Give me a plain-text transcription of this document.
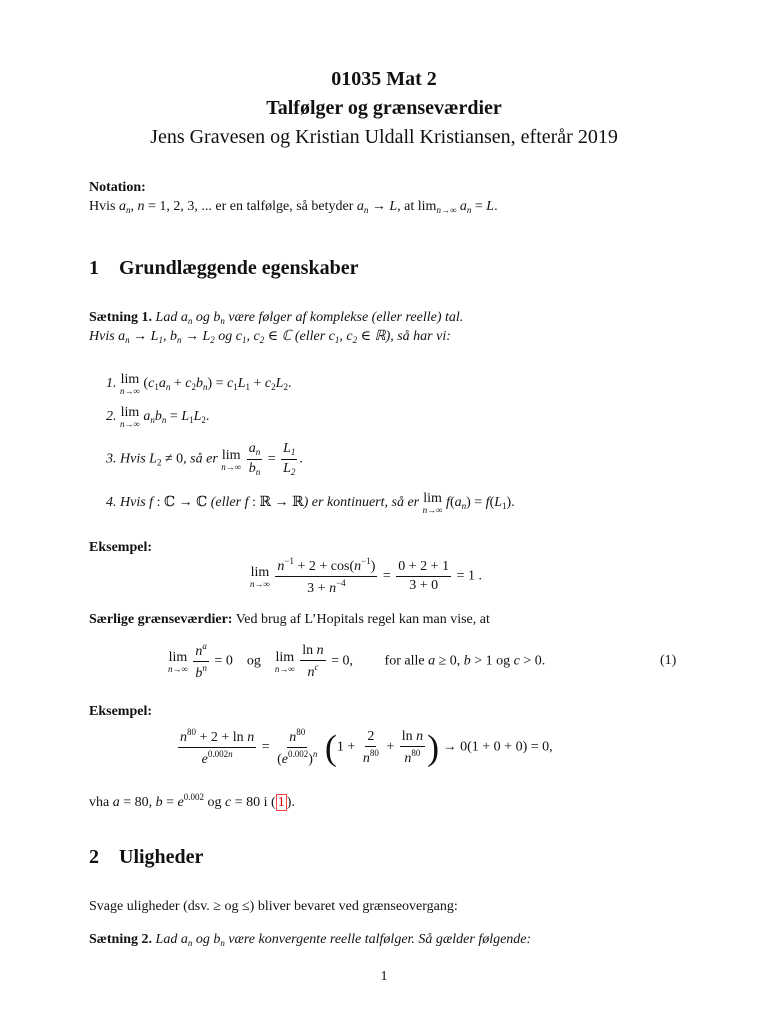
01035 Mat 2
Talfølger og grænseværdier
Jens Gravesen og Kristian Uldall Kristiansen, efterår 2019
Notation:
Hvis $a_n$, n = 1, 2, 3, ... er en talfølge, så betyder $a_n \to L$, at $\lim_{n\to\infty} a_n = L$.
1 Grundlæggende egenskaber
Sætning 1. Lad $a_n$ og $b_n$ være følger af komplekse (eller reelle) tal.
Hvis $a_n \to L_1$, $b_n \to L_2$ og $c_1$, $c_2$ ∈ ℂ (eller $c_1$, $c_2$ ∈ ℝ), så har vi:
1. lim
n→∞ $(c_1a_n + c_2b_n) = c_1L_1 + c_2L_2$.
2. lim
n→∞ $a_nb_n = L_1L_2$.
3. Hvis $L_2 \ne 0$, så er lim
n→∞
$\frac{a_n}{b_n} = \frac{L_1}{L_2}$ .
4. Hvis f : ℂ → ℂ (eller f : ℝ → ℝ) er kontinuert, så er lim
n→∞ $f(a_n) = f(L_1)$.
Eksempel:
lim
n→∞
$\frac{n^{-1} + 2 + \cos(n^{-1})}{3 + n^{-4}} = \frac{0 + 2 + 1}{3 + 0} = 1$ .
Særlige grænseværdier: Ved brug af L’Hopitals regel kan man vise, at
lim
n→∞
$\frac{n^a}{b^n} = 0$    og lim
n→∞
$\frac{\text{ln n}}{n^c} = 0$,         for alle a ≥ 0, b > 1 og c > 0.	(1)
Eksempel:
$\frac{n^{80} + 2 + \ln n}{e^{0.002n}} = \frac{n^{80}}{(e^{0.002})^n} (1 + \frac{2}{n^{80}} + \frac{\text{ln n}}{n^{80}}$ ) → 0(1 + 0 + 0) = 0,
vha a = 80, $b = e^{0.002}$ og c = 80 i ( 1 ).
2 Uligheder
Svage uligheder (dsv. ≥ og ≤) bliver bevaret ved grænseovergang:
Sætning 2. Lad $a_n$ og $b_n$ være konvergente reelle talfølger. Så gælder følgende:
1
